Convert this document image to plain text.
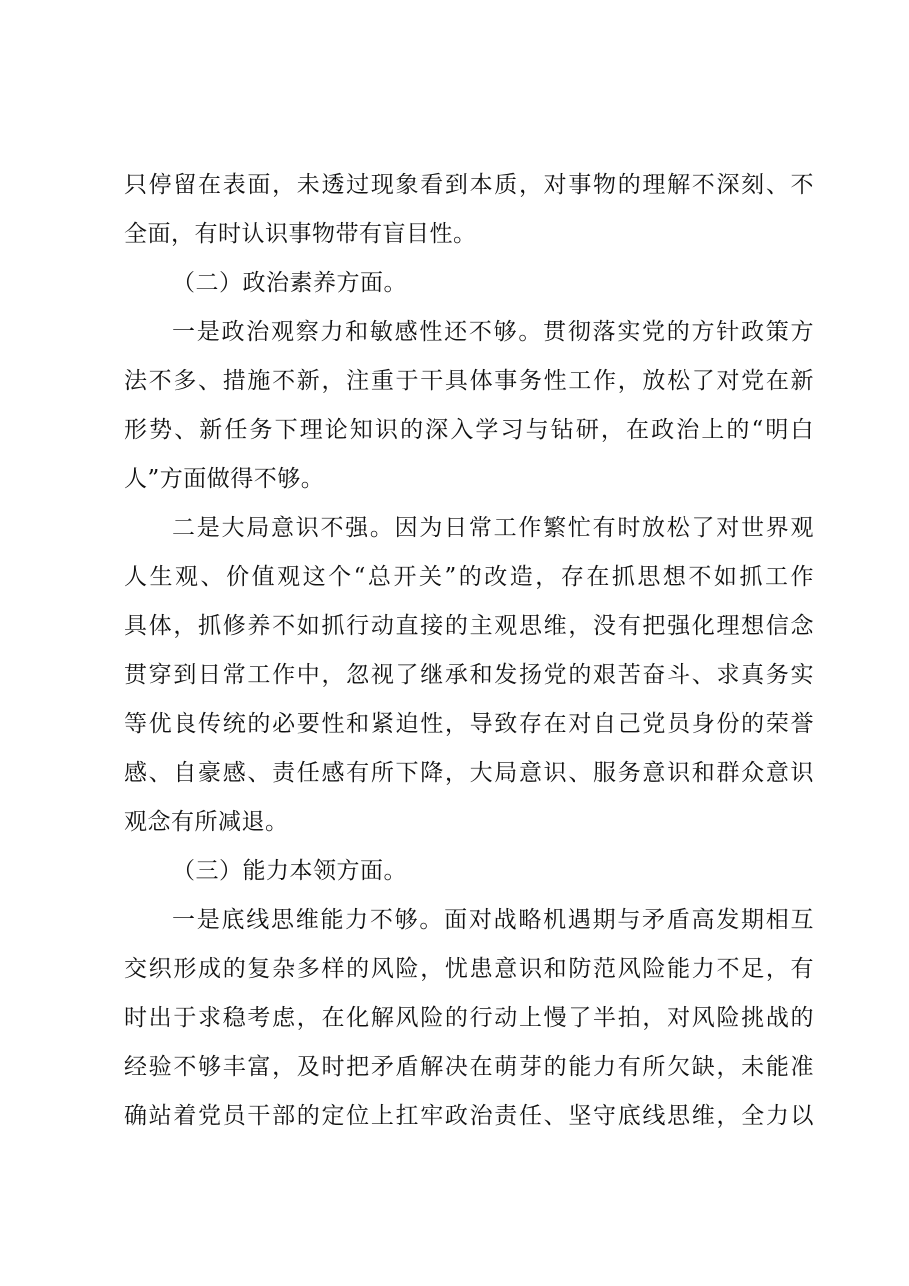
只停留在表面，未透过现象看到本质，对事物的理解不深刻、不
全面，有时认识事物带有盲目性。
（二）政治素养方面。
一是政治观察力和敏感性还不够。贯彻落实党的方针政策方
法不多、措施不新，注重于干具体事务性工作，放松了对党在新
形势、新任务下理论知识的深入学习与钻研，在政治上的“明白
人”方面做得不够。
二是大局意识不强。因为日常工作繁忙有时放松了对世界观
人生观、价值观这个“总开关”的改造，存在抓思想不如抓工作
具体，抓修养不如抓行动直接的主观思维，没有把强化理想信念
贯穿到日常工作中，忽视了继承和发扬党的艰苦奋斗、求真务实
等优良传统的必要性和紧迫性，导致存在对自己党员身份的荣誉
感、自豪感、责任感有所下降，大局意识、服务意识和群众意识
观念有所减退。
（三）能力本领方面。
一是底线思维能力不够。面对战略机遇期与矛盾高发期相互
交织形成的复杂多样的风险，忧患意识和防范风险能力不足，有
时出于求稳考虑，在化解风险的行动上慢了半拍，对风险挑战的
经验不够丰富，及时把矛盾解决在萌芽的能力有所欠缺，未能准
确站着党员干部的定位上扛牢政治责任、坚守底线思维，全力以
